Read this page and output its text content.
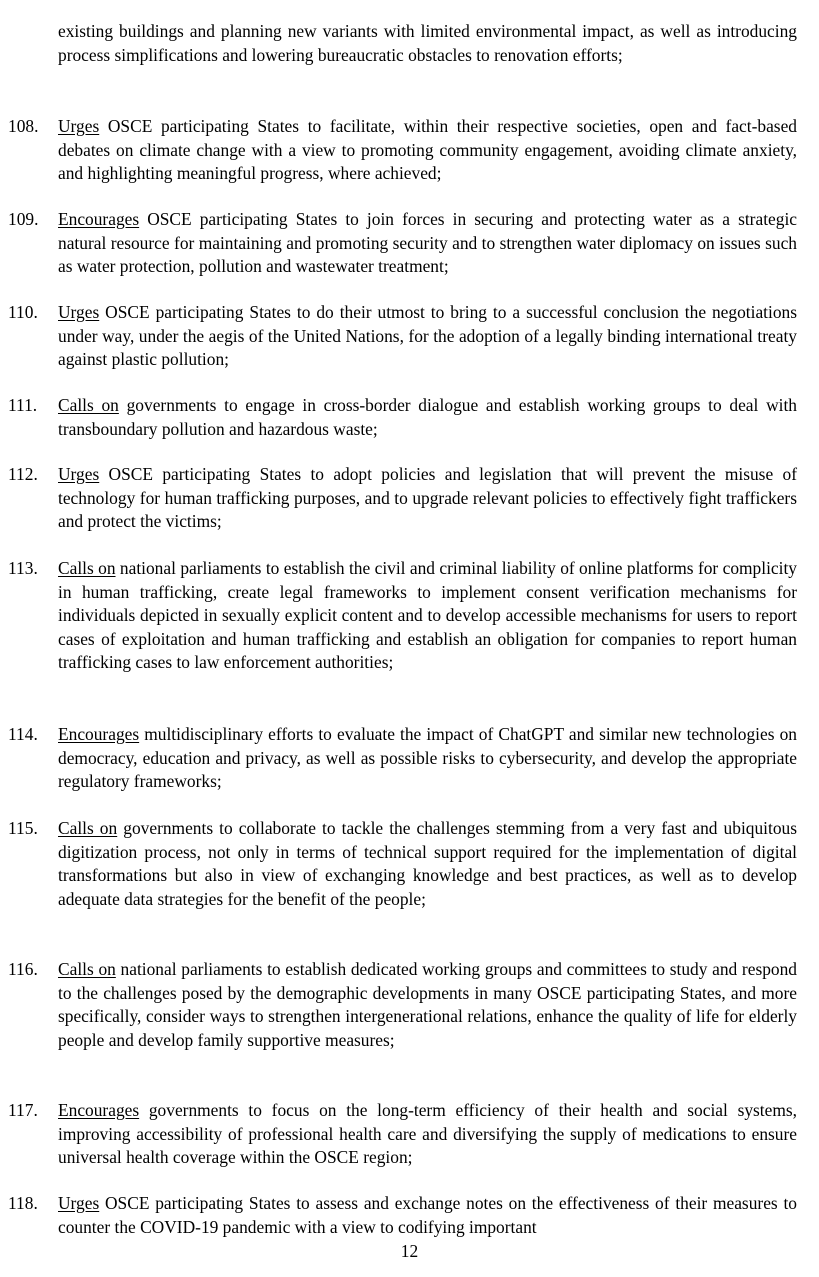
existing buildings and planning new variants with limited environmental impact, as well as introducing process simplifications and lowering bureaucratic obstacles to renovation efforts;

108.	Urges OSCE participating States to facilitate, within their respective societies, open and fact-based debates on climate change with a view to promoting community engagement, avoiding climate anxiety, and highlighting meaningful progress, where achieved;
109.	Encourages OSCE participating States to join forces in securing and protecting water as a strategic natural resource for maintaining and promoting security and to strengthen water diplomacy on issues such as water protection, pollution and wastewater treatment;
110.	Urges OSCE participating States to do their utmost to bring to a successful conclusion the negotiations under way, under the aegis of the United Nations, for the adoption of a legally binding international treaty against plastic pollution;
111.	Calls on governments to engage in cross-border dialogue and establish working groups to deal with transboundary pollution and hazardous waste;
112.	Urges OSCE participating States to adopt policies and legislation that will prevent the misuse of technology for human trafficking purposes, and to upgrade relevant policies to effectively fight traffickers and protect the victims;
113.	Calls on national parliaments to establish the civil and criminal liability of online platforms for complicity in human trafficking, create legal frameworks to implement consent verification mechanisms for individuals depicted in sexually explicit content and to develop accessible mechanisms for users to report cases of exploitation and human trafficking and establish an obligation for companies to report human trafficking cases to law enforcement authorities;
114.	Encourages multidisciplinary efforts to evaluate the impact of ChatGPT and similar new technologies on democracy, education and privacy, as well as possible risks to cybersecurity, and develop the appropriate regulatory frameworks;
115.	Calls on governments to collaborate to tackle the challenges stemming from a very fast and ubiquitous digitization process, not only in terms of technical support required for the implementation of digital transformations but also in view of exchanging knowledge and best practices, as well as to develop adequate data strategies for the benefit of the people;
116.	Calls on national parliaments to establish dedicated working groups and committees to study and respond to the challenges posed by the demographic developments in many OSCE participating States, and more specifically, consider ways to strengthen intergenerational relations, enhance the quality of life for elderly people and develop family supportive measures;
117.	Encourages governments to focus on the long-term efficiency of their health and social systems, improving accessibility of professional health care and diversifying the supply of medications to ensure universal health coverage within the OSCE region;
118.	Urges OSCE participating States to assess and exchange notes on the effectiveness of their measures to counter the COVID-19 pandemic with a view to codifying important
12
